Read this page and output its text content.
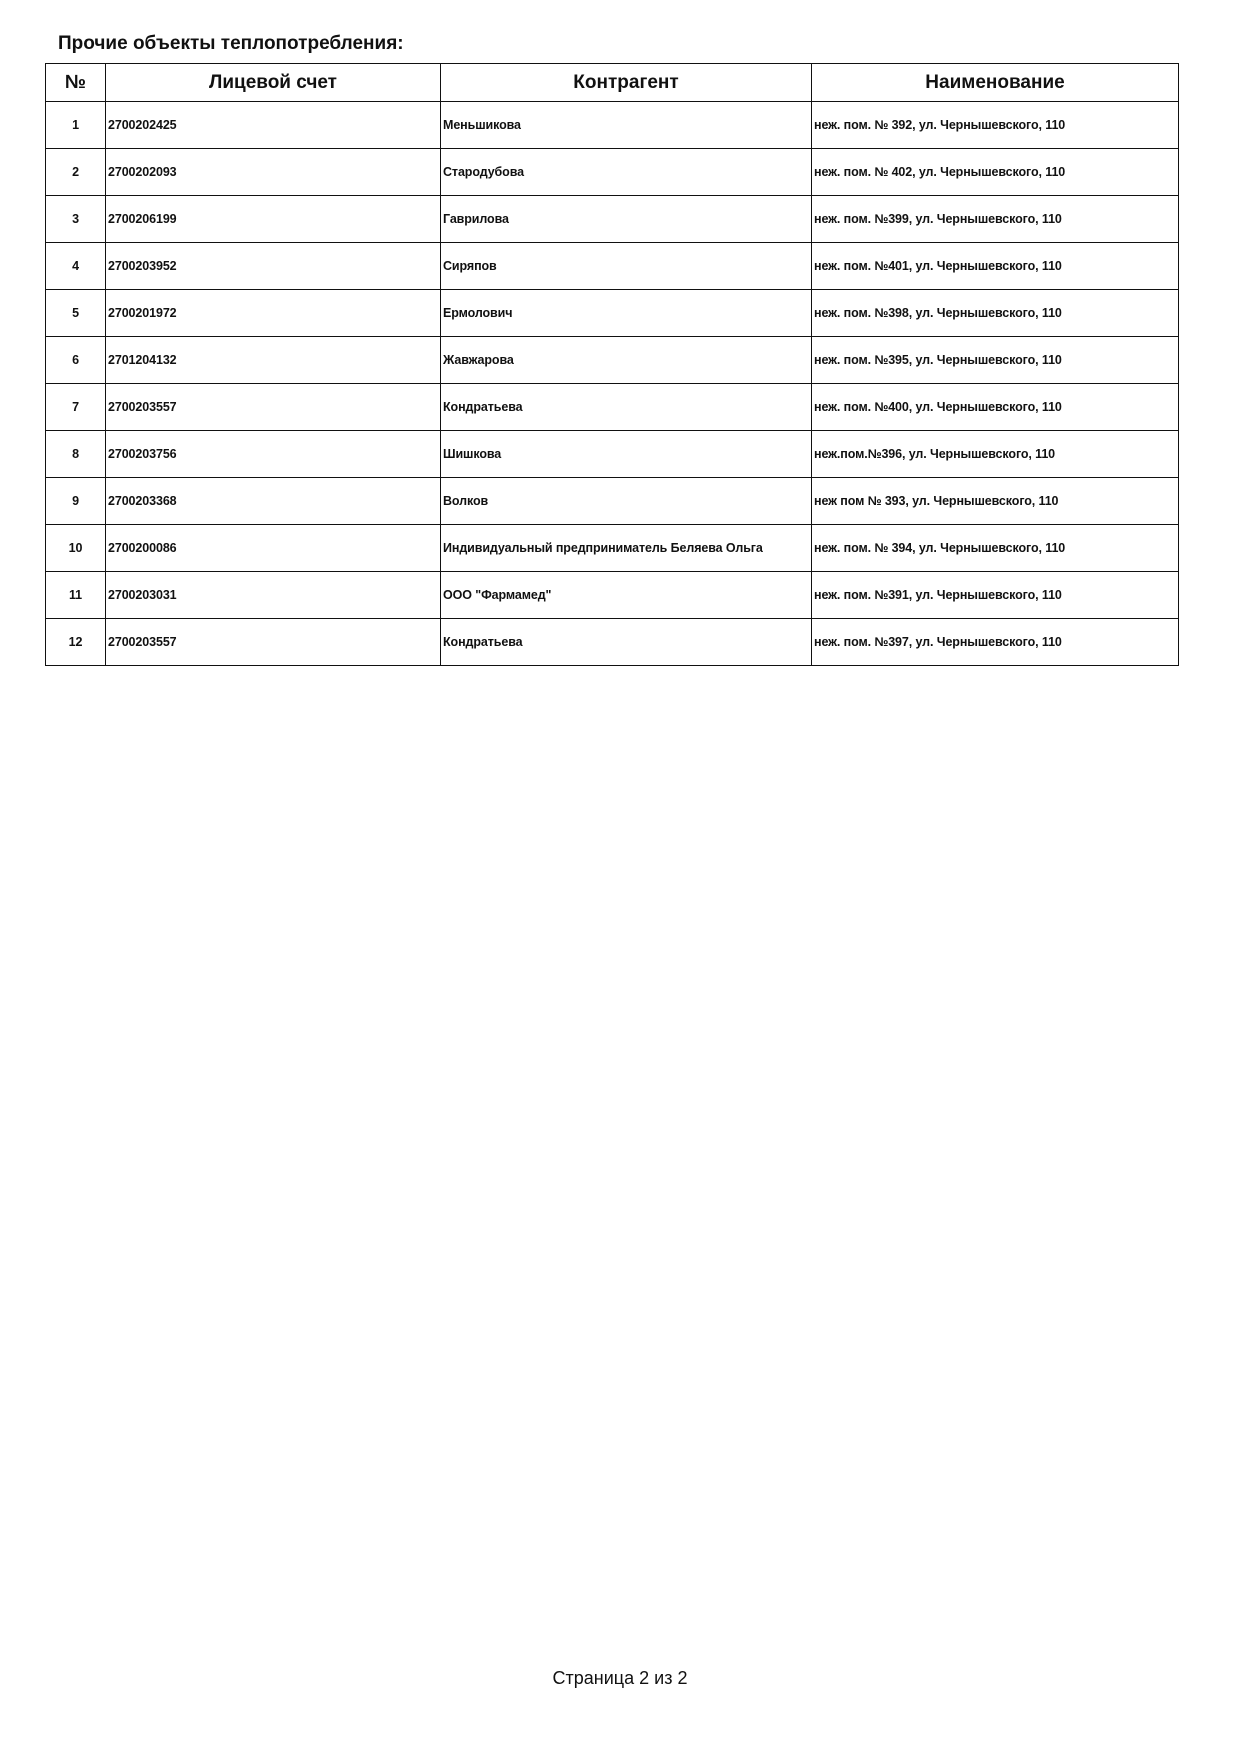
Прочие объекты теплопотребления:
№	Лицевой счет	Контрагент	Наименование
1	2700202425	Меньшикова	неж. пом. № 392, ул. Чернышевского, 110
2	2700202093	Стародубова	неж. пом. № 402, ул. Чернышевского, 110
3	2700206199	Гаврилова	неж. пом. №399, ул. Чернышевского, 110
4	2700203952	Сиряпов	неж. пом. №401, ул. Чернышевского, 110
5	2700201972	Ермолович	неж. пом. №398, ул. Чернышевского, 110
6	2701204132	Жавжарова	неж. пом. №395, ул. Чернышевского, 110
7	2700203557	Кондратьева	неж. пом. №400, ул. Чернышевского, 110
8	2700203756	Шишкова	неж.пом.№396, ул. Чернышевского, 110
9	2700203368	Волков	неж пом № 393, ул. Чернышевского, 110
10	2700200086	Индивидуальный предприниматель Беляева Ольга	неж. пом. № 394, ул. Чернышевского, 110
11	2700203031	ООО "Фармамед"	неж. пом. №391, ул. Чернышевского, 110
12	2700203557	Кондратьева	неж. пом. №397, ул. Чернышевского, 110
Страница 2 из 2
